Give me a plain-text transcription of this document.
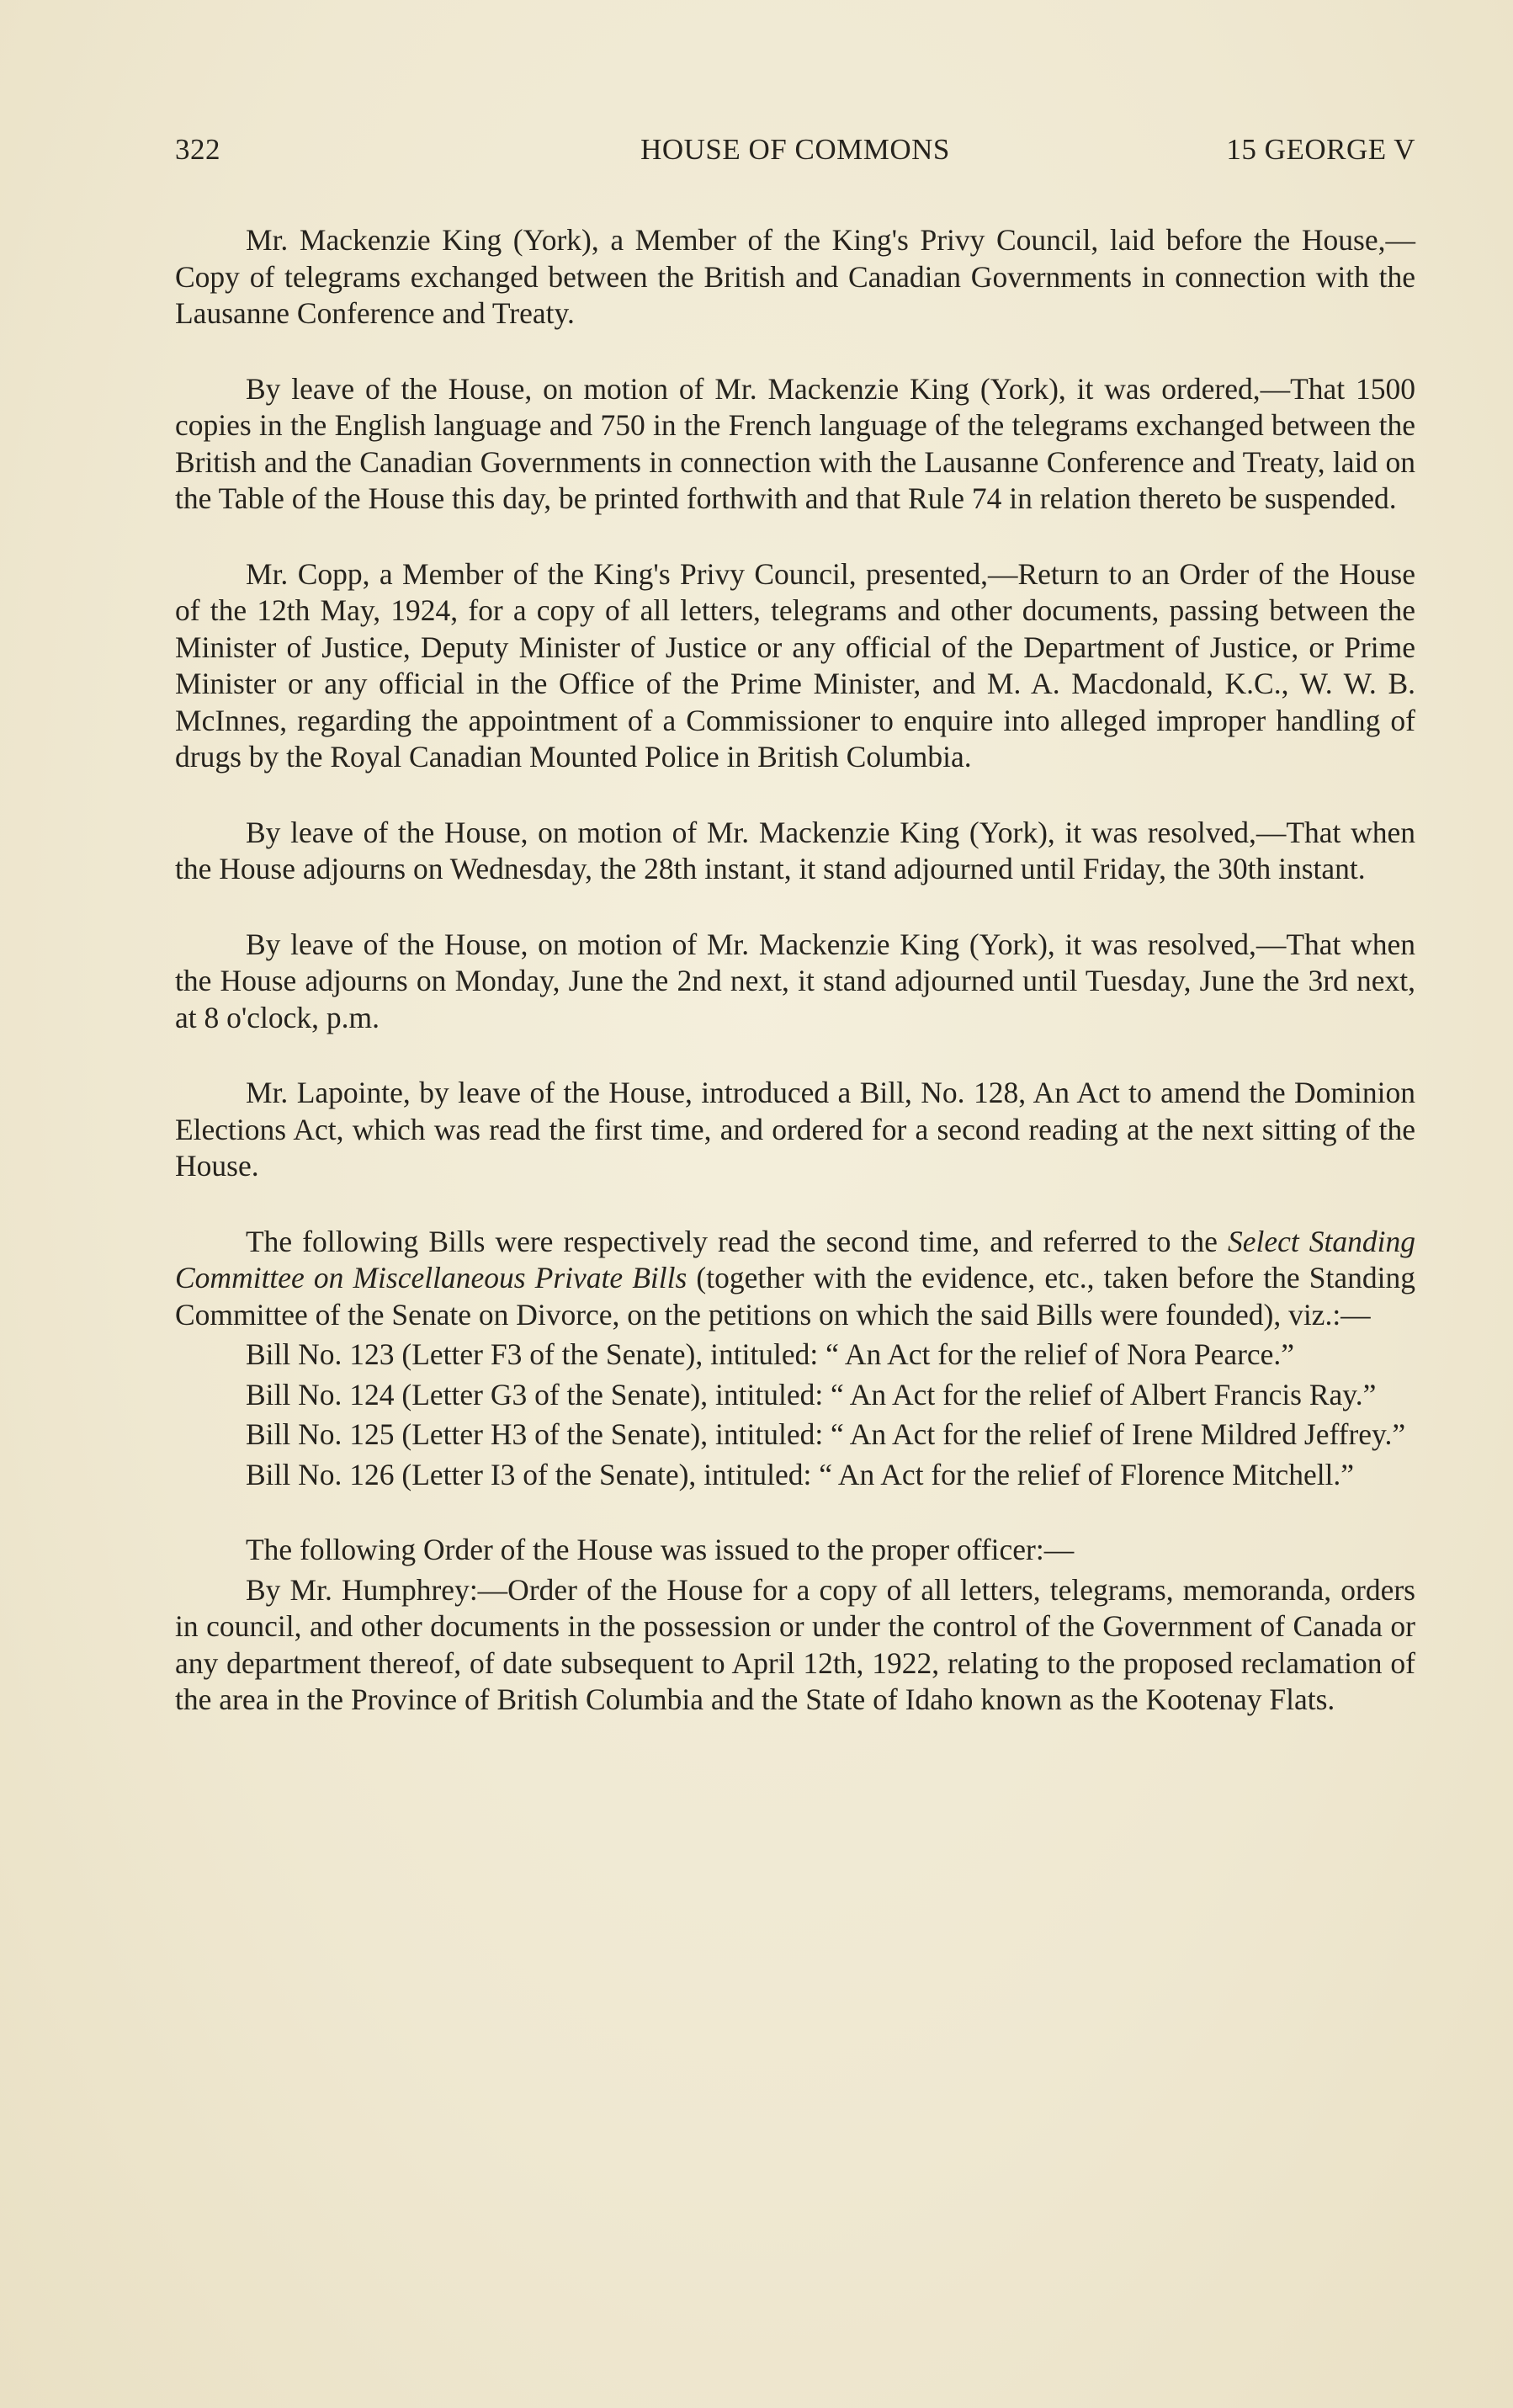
322	HOUSE OF COMMONS	15 GEORGE V

Mr. Mackenzie King (York), a Member of the King's Privy Council, laid before the House,—Copy of telegrams exchanged between the British and Canadian Governments in connection with the Lausanne Conference and Treaty.

By leave of the House, on motion of Mr. Mackenzie King (York), it was ordered,—That 1500 copies in the English language and 750 in the French language of the telegrams exchanged between the British and the Canadian Governments in connection with the Lausanne Conference and Treaty, laid on the Table of the House this day, be printed forthwith and that Rule 74 in relation thereto be suspended.

Mr. Copp, a Member of the King's Privy Council, presented,—Return to an Order of the House of the 12th May, 1924, for a copy of all letters, telegrams and other documents, passing between the Minister of Justice, Deputy Minister of Justice or any official of the Department of Justice, or Prime Minister or any official in the Office of the Prime Minister, and M. A. Macdonald, K.C., W. W. B. McInnes, regarding the appointment of a Commissioner to enquire into alleged improper handling of drugs by the Royal Canadian Mounted Police in British Columbia.

By leave of the House, on motion of Mr. Mackenzie King (York), it was resolved,—That when the House adjourns on Wednesday, the 28th instant, it stand adjourned until Friday, the 30th instant.

By leave of the House, on motion of Mr. Mackenzie King (York), it was resolved,—That when the House adjourns on Monday, June the 2nd next, it stand adjourned until Tuesday, June the 3rd next, at 8 o'clock, p.m.

Mr. Lapointe, by leave of the House, introduced a Bill, No. 128, An Act to amend the Dominion Elections Act, which was read the first time, and ordered for a second reading at the next sitting of the House.

The following Bills were respectively read the second time, and referred to the Select Standing Committee on Miscellaneous Private Bills (together with the evidence, etc., taken before the Standing Committee of the Senate on Divorce, on the petitions on which the said Bills were founded), viz.:—

Bill No. 123 (Letter F3 of the Senate), intituled: “ An Act for the relief of Nora Pearce.”

Bill No. 124 (Letter G3 of the Senate), intituled: “ An Act for the relief of Albert Francis Ray.”

Bill No. 125 (Letter H3 of the Senate), intituled: “ An Act for the relief of Irene Mildred Jeffrey.”

Bill No. 126 (Letter I3 of the Senate), intituled: “ An Act for the relief of Florence Mitchell.”

The following Order of the House was issued to the proper officer:—

By Mr. Humphrey:—Order of the House for a copy of all letters, telegrams, memoranda, orders in council, and other documents in the possession or under the control of the Government of Canada or any department thereof, of date subsequent to April 12th, 1922, relating to the proposed reclamation of the area in the Province of British Columbia and the State of Idaho known as the Kootenay Flats.
